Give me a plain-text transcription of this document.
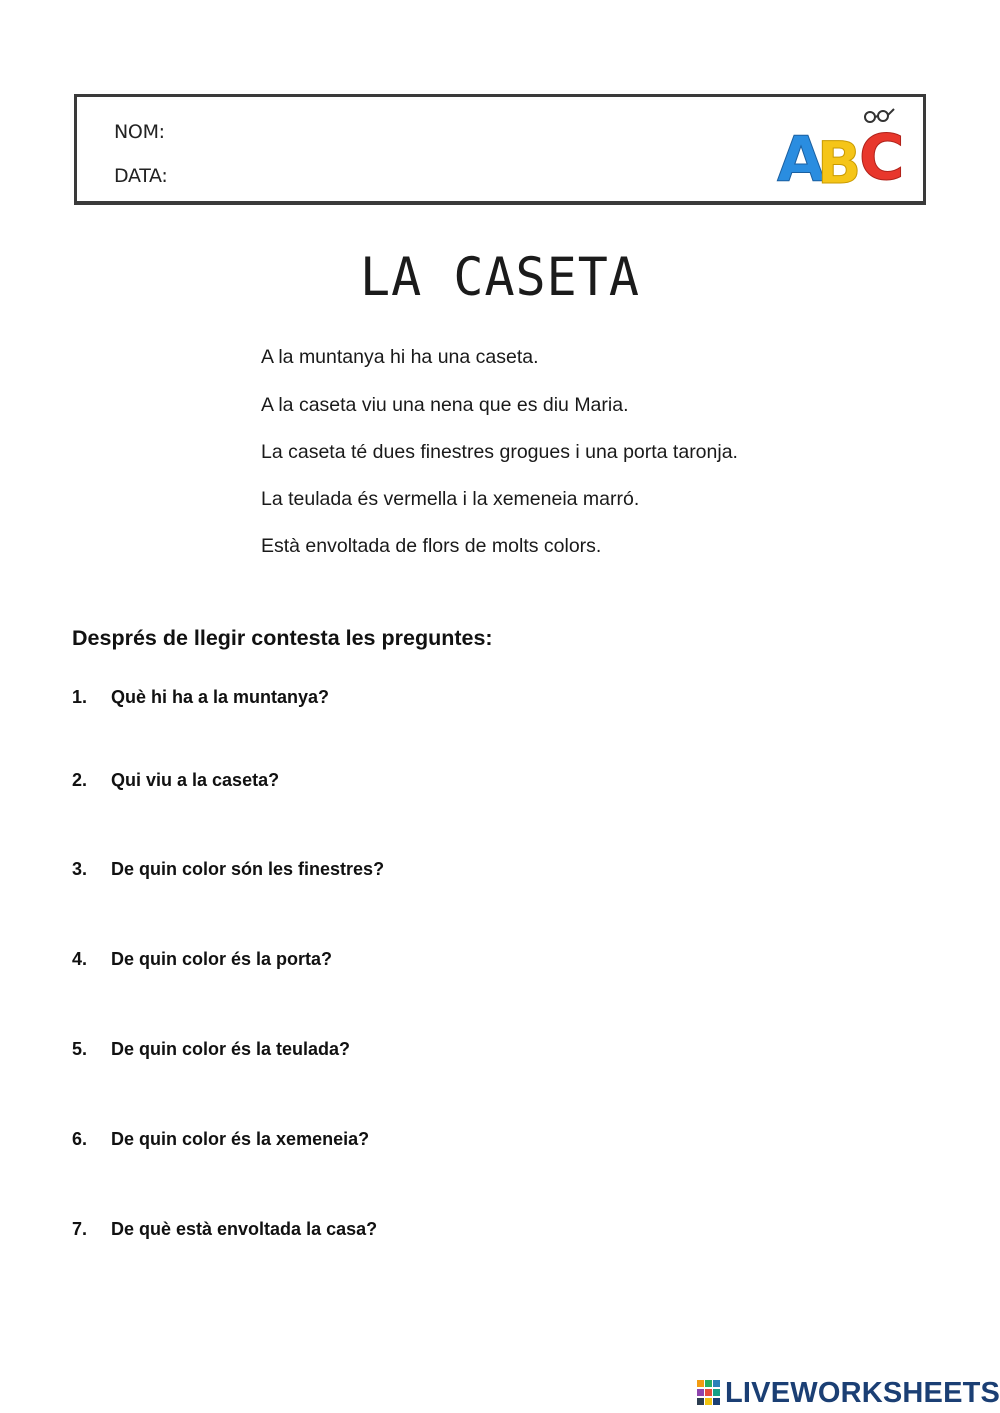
NOM:
DATA:	A
B
C
LA CASETA
A la muntanya hi ha una caseta.
A la caseta viu una nena que es diu Maria.
La caseta té dues finestres grogues i una porta taronja.
La teulada és vermella i la xemeneia marró.
Està envoltada de flors de molts colors.
Després de llegir contesta les preguntes:
1. Què hi ha a la muntanya?
2. Qui viu a la caseta?
3. De quin color són les finestres?
4. De quin color és la porta?
5. De quin color és la teulada?
6. De quin color és la xemeneia?
7. De què està envoltada la casa?
LIVEWORKSHEETS
